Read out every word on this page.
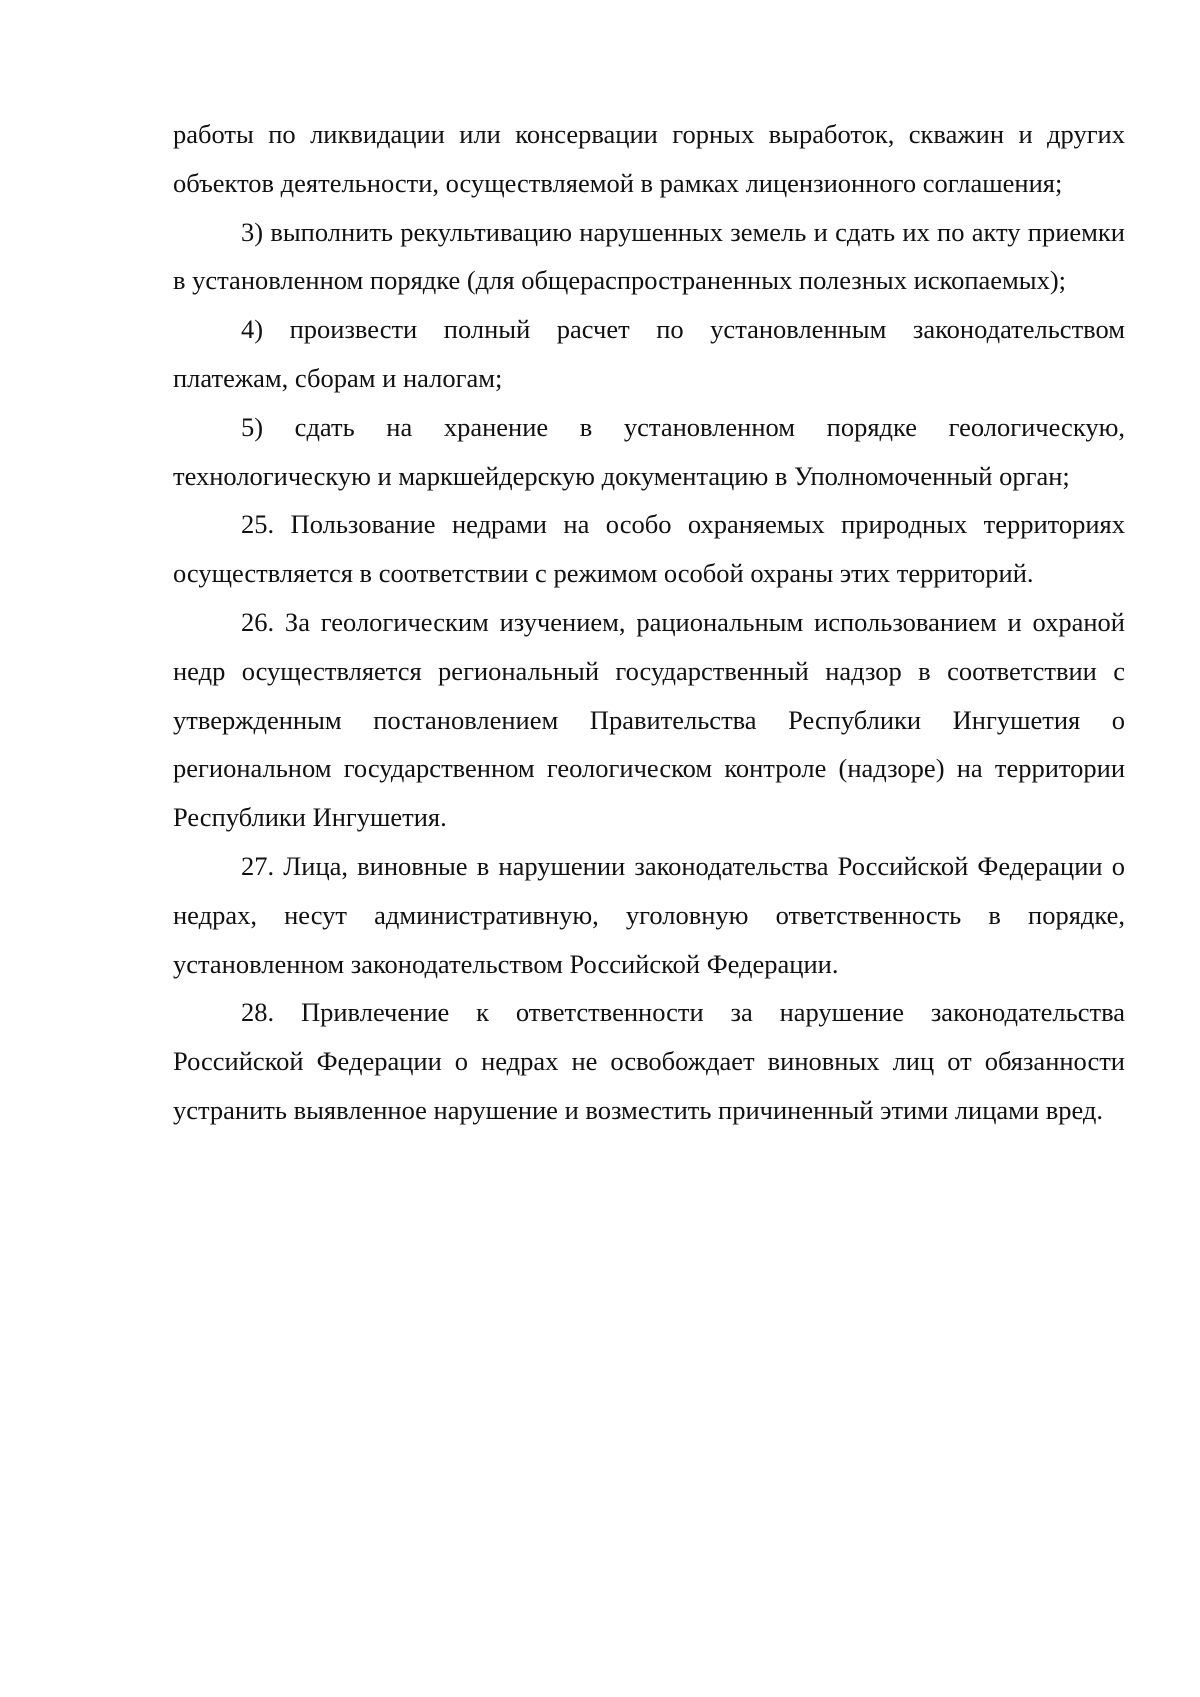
работы по ликвидации или консервации горных выработок, скважин и других объектов деятельности, осуществляемой в рамках лицензионного соглашения;

3) выполнить рекультивацию нарушенных земель и сдать их по акту приемки в установленном порядке (для общераспространенных полезных ископаемых);

4) произвести полный расчет по установленным законодательством платежам, сборам и налогам;

5) сдать на хранение в установленном порядке геологическую, технологическую и маркшейдерскую документацию в Уполномоченный орган;

25. Пользование недрами на особо охраняемых природных территориях осуществляется в соответствии с режимом особой охраны этих территорий.

26. За геологическим изучением, рациональным использованием и охраной недр осуществляется региональный государственный надзор в соответствии с утвержденным постановлением Правительства Республики Ингушетия о региональном государственном геологическом контроле (надзоре) на территории Республики Ингушетия.

27. Лица, виновные в нарушении законодательства Российской Федерации о недрах, несут административную, уголовную ответственность в порядке, установленном законодательством Российской Федерации.

28. Привлечение к ответственности за нарушение законодательства Российской Федерации о недрах не освобождает виновных лиц от обязанности устранить выявленное нарушение и возместить причиненный этими лицами вред.
